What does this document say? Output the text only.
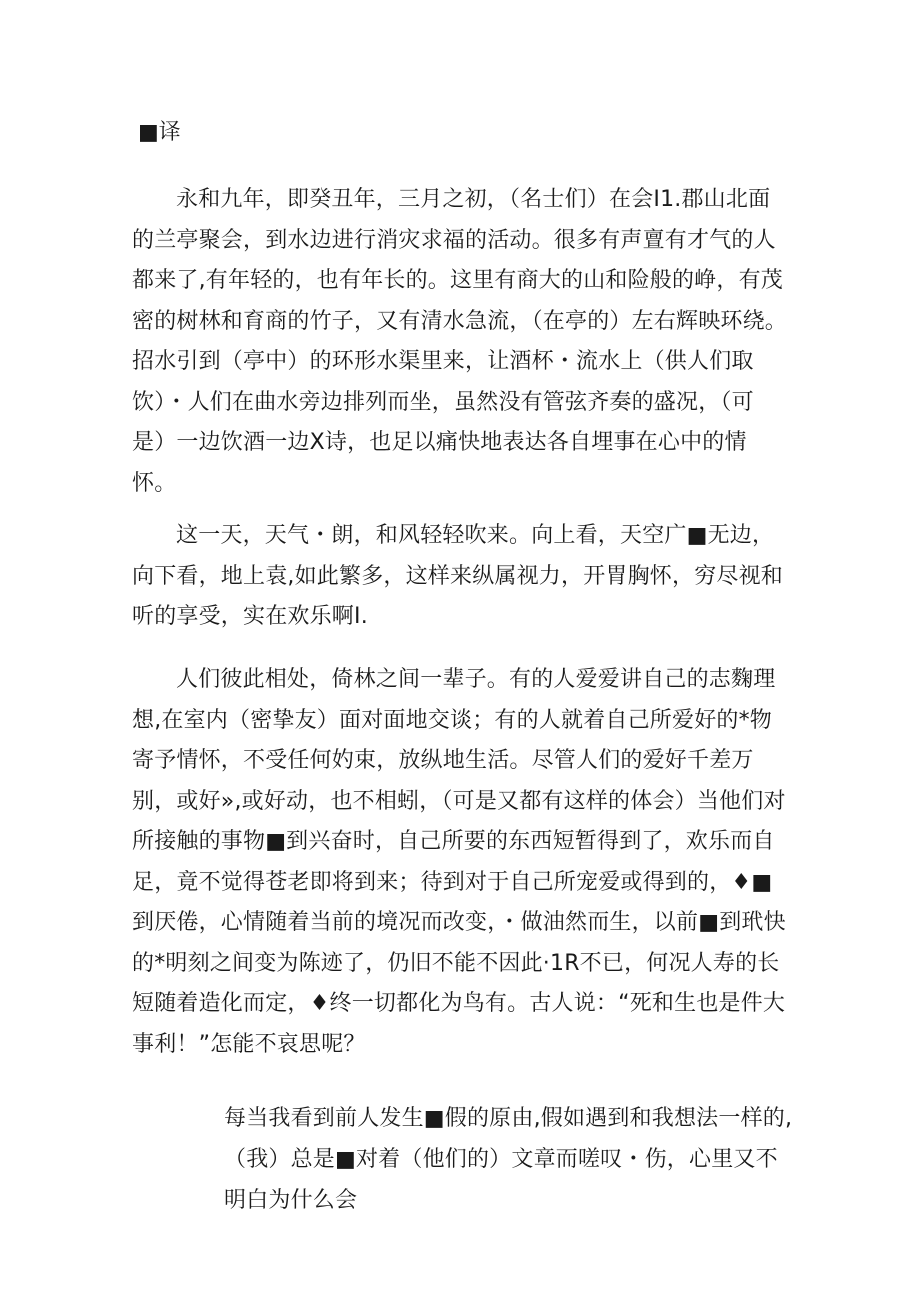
■译

永和九年，即癸丑年，三月之初，（名士们）在会I1.郡山北面的兰亭聚会，到水边进行消灾求福的活动。很多有声亶有才气的人都来了,有年轻的，也有年长的。这里有商大的山和险般的峥，有茂密的树林和育商的竹子，又有清水急流，（在亭的）左右辉映环绕。招水引到（亭中）的环形水渠里来，让酒杯・流水上（供人们取饮）・人们在曲水旁边排列而坐，虽然没有管弦齐奏的盛况，（可是）一边饮酒一边X诗，也足以痛快地表达各自埋事在心中的情怀。

这一天，天气・朗，和风轻轻吹来。向上看，天空广■无边，向下看，地上袁,如此繁多，这样来纵属视力，开胃胸怀，穷尽视和听的享受，实在欢乐啊I.

人们彼此相处，倚林之间一辈子。有的人爱爱讲自己的志麴理想,在室内（密挚友）面对面地交谈；有的人就着自己所爱好的*物寄予情怀，不受任何妁束，放纵地生活。尽管人们的爱好千差万别，或好»,或好动，也不相蚓，（可是又都有这样的体会）当他们对所接触的事物■到兴奋时，自己所要的东西短暂得到了，欢乐而自足，竟不觉得苍老即将到来；待到对于自己所宠爱或得到的，♦■到厌倦，心情随着当前的境况而改变，・做油然而生，以前■到玳快的*明刻之间变为陈迹了，仍旧不能不因此·1R不已，何况人寿的长短随着造化而定，♦终一切都化为鸟有。古人说：“死和生也是件大事利！”怎能不哀思呢？

每当我看到前人发生■假的原由,假如遇到和我想法一样的,（我）总是■对着（他们的）文章而嗟叹・伤，心里又不明白为什么会
